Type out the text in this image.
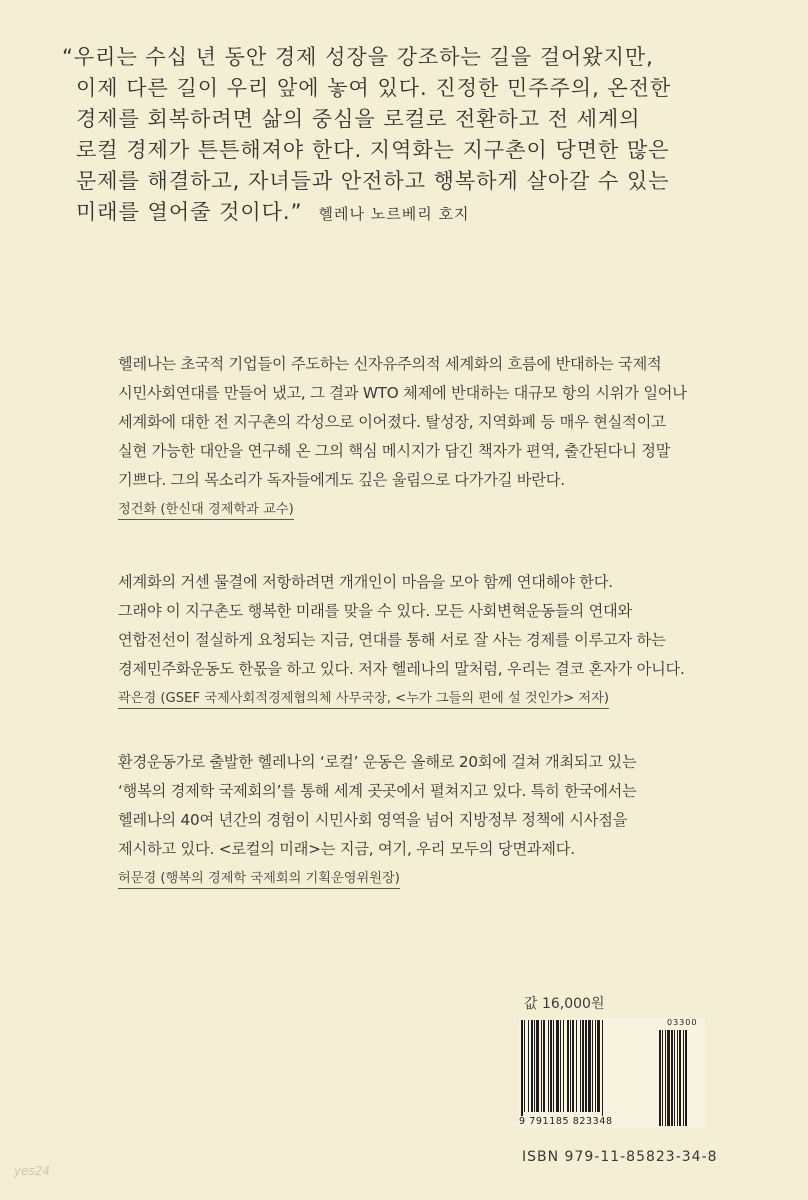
“우리는 수십 년 동안 경제 성장을 강조하는 길을 걸어왔지만,
이제 다른 길이 우리 앞에 놓여 있다. 진정한 민주주의, 온전한
경제를 회복하려면 삶의 중심을 로컬로 전환하고 전 세계의
로컬 경제가 튼튼해져야 한다. 지역화는 지구촌이 당면한 많은
문제를 해결하고, 자녀들과 안전하고 행복하게 살아갈 수 있는
미래를 열어줄 것이다.” 헬레나 노르베리 호지
헬레나는 초국적 기업들이 주도하는 신자유주의적 세계화의 흐름에 반대하는 국제적
시민사회연대를 만들어 냈고, 그 결과 WTO 체제에 반대하는 대규모 항의 시위가 일어나
세계화에 대한 전 지구촌의 각성으로 이어졌다. 탈성장, 지역화폐 등 매우 현실적이고
실현 가능한 대안을 연구해 온 그의 핵심 메시지가 담긴 책자가 편역, 출간된다니 정말
기쁘다. 그의 목소리가 독자들에게도 깊은 울림으로 다가가길 바란다.
정건화 (한신대 경제학과 교수)
세계화의 거센 물결에 저항하려면 개개인이 마음을 모아 함께 연대해야 한다.
그래야 이 지구촌도 행복한 미래를 맞을 수 있다. 모든 사회변혁운동들의 연대와
연합전선이 절실하게 요청되는 지금, 연대를 통해 서로 잘 사는 경제를 이루고자 하는
경제민주화운동도 한몫을 하고 있다. 저자 헬레나의 말처럼, 우리는 결코 혼자가 아니다.
곽은경 (GSEF 국제사회적경제협의체 사무국장, <누가 그들의 편에 설 것인가> 저자)
환경운동가로 출발한 헬레나의 ‘로컬’ 운동은 올해로 20회에 걸쳐 개최되고 있는
‘행복의 경제학 국제회의’를 통해 세계 곳곳에서 펼쳐지고 있다. 특히 한국에서는
헬레나의 40여 년간의 경험이 시민사회 영역을 넘어 지방정부 정책에 시사점을
제시하고 있다. <로컬의 미래>는 지금, 여기, 우리 모두의 당면과제다.
허문경 (행복의 경제학 국제회의 기획운영위원장)
값 16,000원
03300
9 791185 823348
ISBN 979-11-85823-34-8
yes24
